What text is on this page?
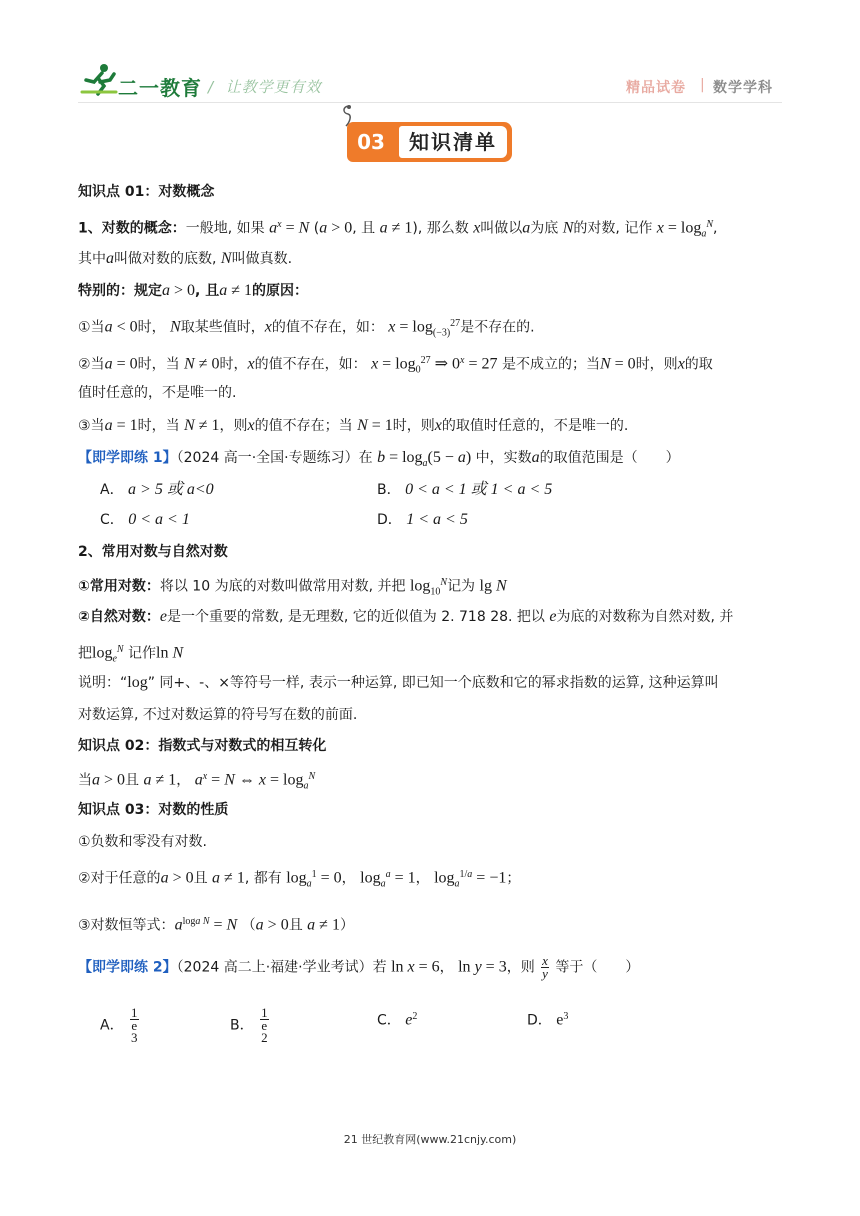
二一教育 / 让教学更有效	精品试卷 | 数学学科
03	知识清单
知识点 01：对数概念
1、对数的概念：一般地, 如果 $a^x = N$ (a > 0, 且 a ≠ 1), 那么数 x叫做以a为底 N的对数, 记作 $x = \log_a^N$,
其中a叫做对数的底数, N叫做真数.
特别的：规定a > 0, 且a ≠ 1的原因：
①当a < 0时， N取某些值时，x的值不存在，如： $x = \log_{(-3)}^{27}$是不存在的.
②当a = 0时，当 N ≠ 0时，x的值不存在，如： $x = \log_0^{27}$ ⇒ $0^x = 27$ 是不成立的；当N = 0时，则x的取
值时任意的，不是唯一的.
③当a = 1时，当 N ≠ 1，则x的值不存在；当 N = 1时，则x的取值时任意的，不是唯一的.
【即学即练 1】（2024 高一·全国·专题练习）在 $b = \log_a(5 - a)$ 中，实数a的取值范围是（　　）
A． a > 5 或 a<0	B． 0 < a < 1 或 1 < a < 5
C． 0 < a < 1	D． 1 < a < 5
2、常用对数与自然对数
①常用对数：将以 10 为底的对数叫做常用对数, 并把 $\log_{10}^N$记为 lg N
②自然对数：e是一个重要的常数, 是无理数, 它的近似值为 2. 718 28. 把以 e为底的对数称为自然对数, 并
把$\log_e^N$ 记作ln N
说明：“log” 同+、-、×等符号一样, 表示一种运算, 即已知一个底数和它的幂求指数的运算, 这种运算叫
对数运算, 不过对数运算的符号写在数的前面.
知识点 02：指数式与对数式的相互转化
当a > 0且 a ≠ 1， $a^x = N$ ⇔ $x = \log_a^N$
知识点 03：对数的性质
①负数和零没有对数.
②对于任意的a > 0且 a ≠ 1, 都有 $\log_a^1 = 0$， $\log_a^a = 1$， $\log_a^{1/a} = -1$；
③对数恒等式：$a^{loga N} = N$ （a > 0且 a ≠ 1）
【即学即练 2】（2024 高二上·福建·学业考试）若 ln x = 6， ln y = 3，则 $\frac{x}{y}$ 等于（　　）
A． 1
e
3	B． 1
e
2	C． $e^2$	D． $e^3$
21 世纪教育网(www.21cnjy.com)
